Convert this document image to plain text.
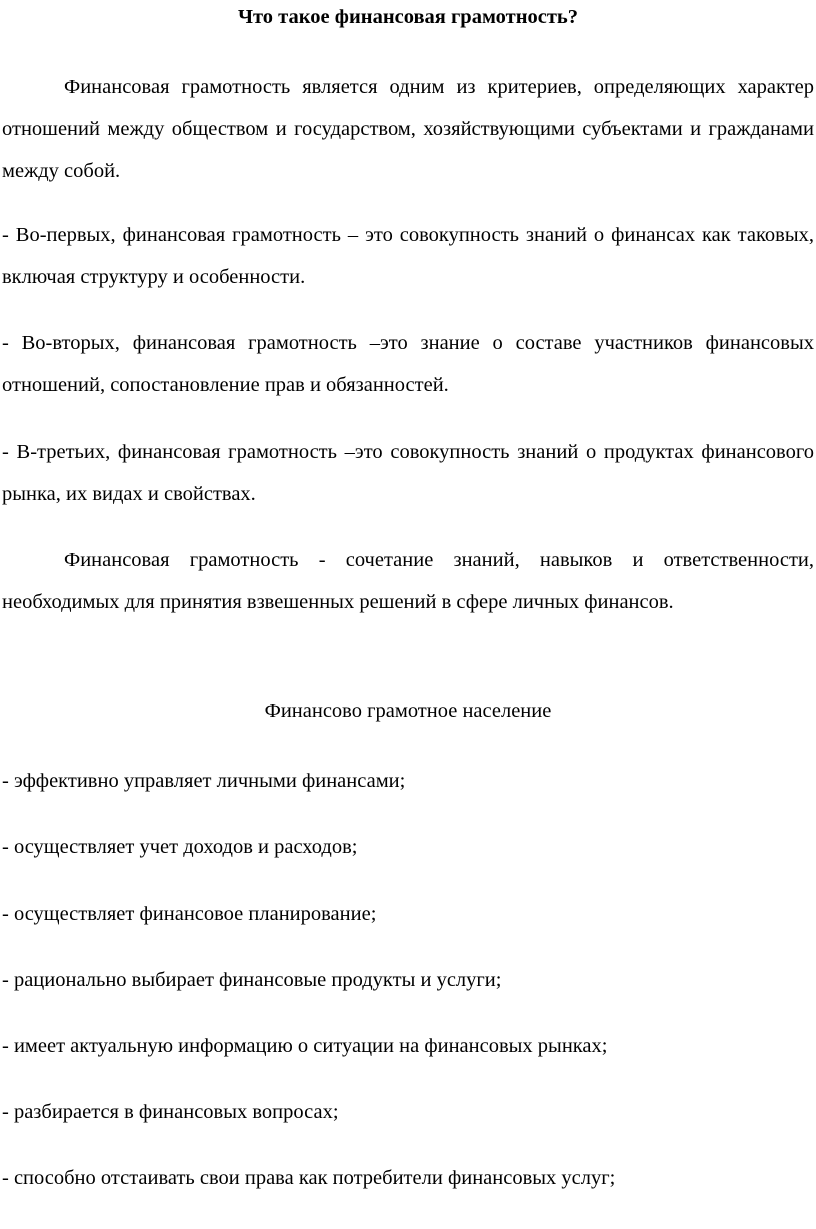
Что такое финансовая грамотность?
Финансовая грамотность является одним из критериев, определяющих характер отношений между обществом и государством, хозяйствующими субъектами и гражданами между собой.
- Во-первых, финансовая грамотность – это совокупность знаний о финансах как таковых, включая структуру и особенности.
- Во-вторых, финансовая грамотность –это знание о составе участников финансовых отношений, сопостановление прав и обязанностей.
- В-третьих, финансовая грамотность –это совокупность знаний о продуктах финансового рынка, их видах и свойствах.
Финансовая грамотность - сочетание знаний, навыков и ответственности, необходимых для принятия взвешенных решений в сфере личных финансов.
Финансово грамотное население
- эффективно управляет личными финансами;
- осуществляет учет доходов и расходов;
- осуществляет финансовое планирование;
- рационально выбирает финансовые продукты и услуги;
- имеет актуальную информацию о ситуации на финансовых рынках;
- разбирается в финансовых вопросах;
- способно отстаивать свои права как потребители финансовых услуг;
